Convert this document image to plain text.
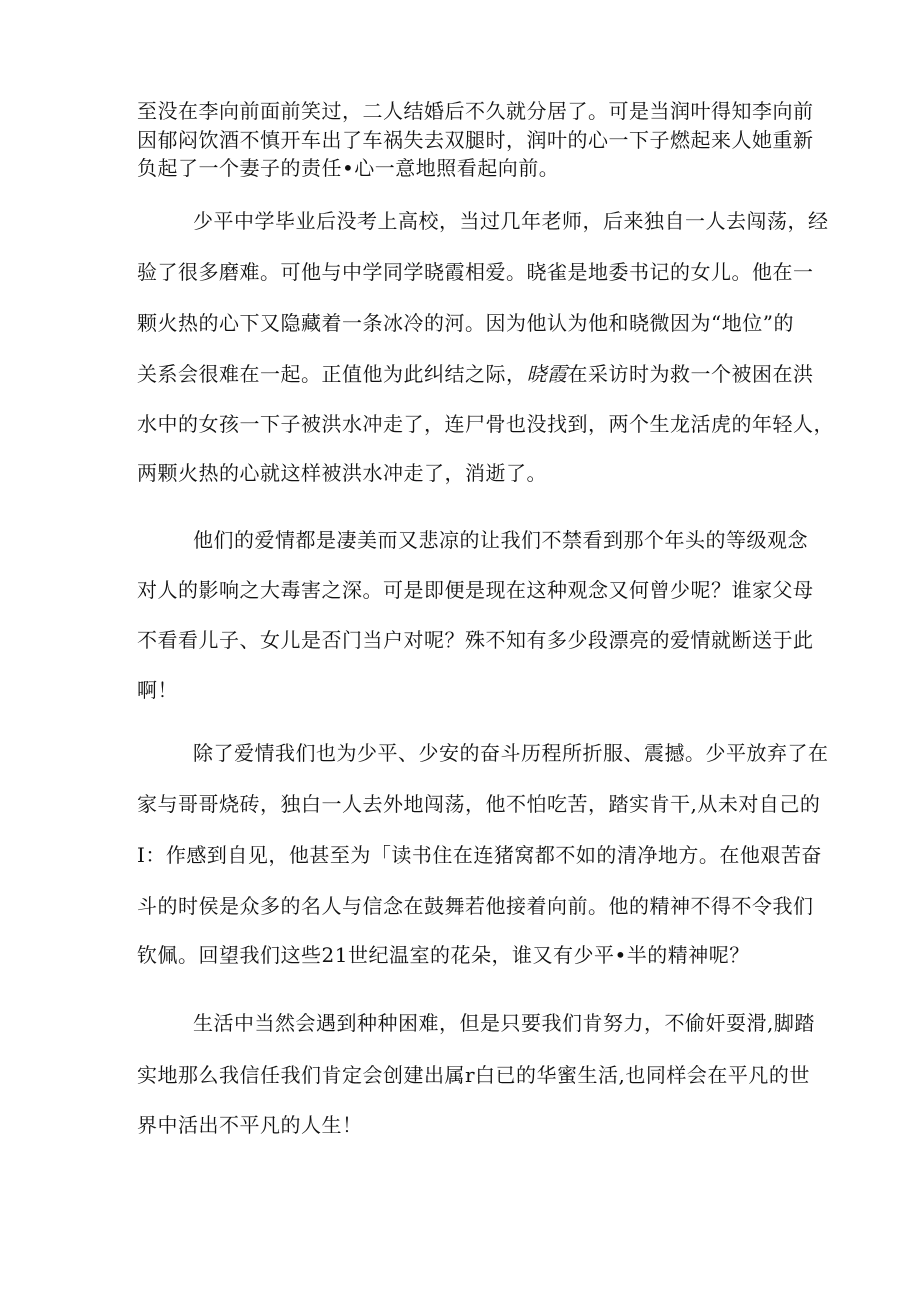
至没在李向前面前笑过，二人结婚后不久就分居了。可是当润叶得知李向前
因郁闷饮酒不慎开车出了车祸失去双腿时，润叶的心一下子燃起来人她重新
负起了一个妻子的责任•心一意地照看起向前。
少平中学毕业后没考上高校，当过几年老师，后来独自一人去闯荡，经
验了很多磨难。可他与中学同学晓霞相爱。晓雀是地委书记的女儿。他在一
颗火热的心下又隐藏着一条冰冷的河。因为他认为他和晓微因为“地位”的
关系会很难在一起。正值他为此纠结之际，晓霞在采访时为救一个被困在洪
水中的女孩一下子被洪水冲走了，连尸骨也没找到，两个生龙活虎的年轻人，
两颗火热的心就这样被洪水冲走了，消逝了。
他们的爱情都是凄美而又悲凉的让我们不禁看到那个年头的等级观念
对人的影响之大毒害之深。可是即便是现在这种观念又何曾少呢？谁家父母
不看看儿子、女儿是否门当户对呢？殊不知有多少段漂亮的爱情就断送于此
啊！
除了爱情我们也为少平、少安的奋斗历程所折服、震撼。少平放弃了在
家与哥哥烧砖，独白一人去外地闯荡，他不怕吃苦，踏实肯干,从未对自己的
I：作感到自见，他甚至为「读书住在连猪窝都不如的清净地方。在他艰苦奋
斗的时侯是众多的名人与信念在鼓舞若他接着向前。他的精神不得不令我们
钦佩。回望我们这些21世纪温室的花朵，谁又有少平•半的精神呢？
生活中当然会遇到种种困难，但是只要我们肯努力，不偷奸耍滑,脚踏
实地那么我信任我们肯定会创建出属r白已的华蜜生活,也同样会在平凡的世
界中活出不平凡的人生！
